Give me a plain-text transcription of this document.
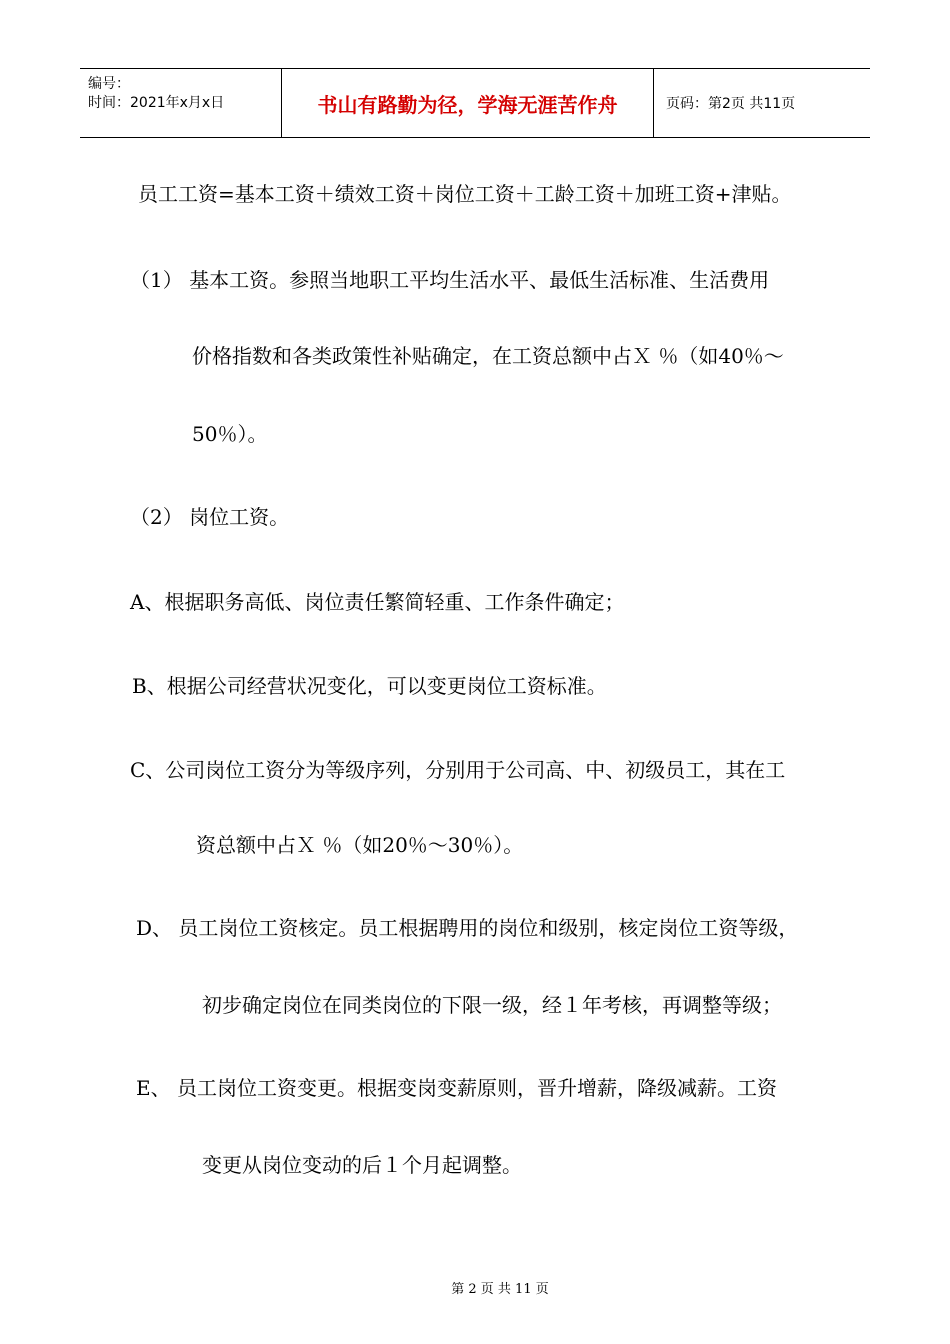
编号：
时间：2021年x月x日	书山有路勤为径，学海无涯苦作舟	页码：第2页 共11页
员工工资=基本工资＋绩效工资＋岗位工资＋工龄工资＋加班工资+津贴。
（1） 基本工资。参照当地职工平均生活水平、最低生活标准、生活费用
价格指数和各类政策性补贴确定，在工资总额中占Ｘ ％（如40％～
50％）。
（2） 岗位工资。
A、根据职务高低、岗位责任繁简轻重、工作条件确定；
B、根据公司经营状况变化，可以变更岗位工资标准。
C、公司岗位工资分为等级序列，分别用于公司高、中、初级员工，其在工
资总额中占Ｘ ％（如20％～30％）。
D、 员工岗位工资核定。员工根据聘用的岗位和级别，核定岗位工资等级，
初步确定岗位在同类岗位的下限一级，经１年考核，再调整等级；
E、 员工岗位工资变更。根据变岗变薪原则，晋升增薪，降级减薪。工资
变更从岗位变动的后１个月起调整。
第 2 页 共 11 页
